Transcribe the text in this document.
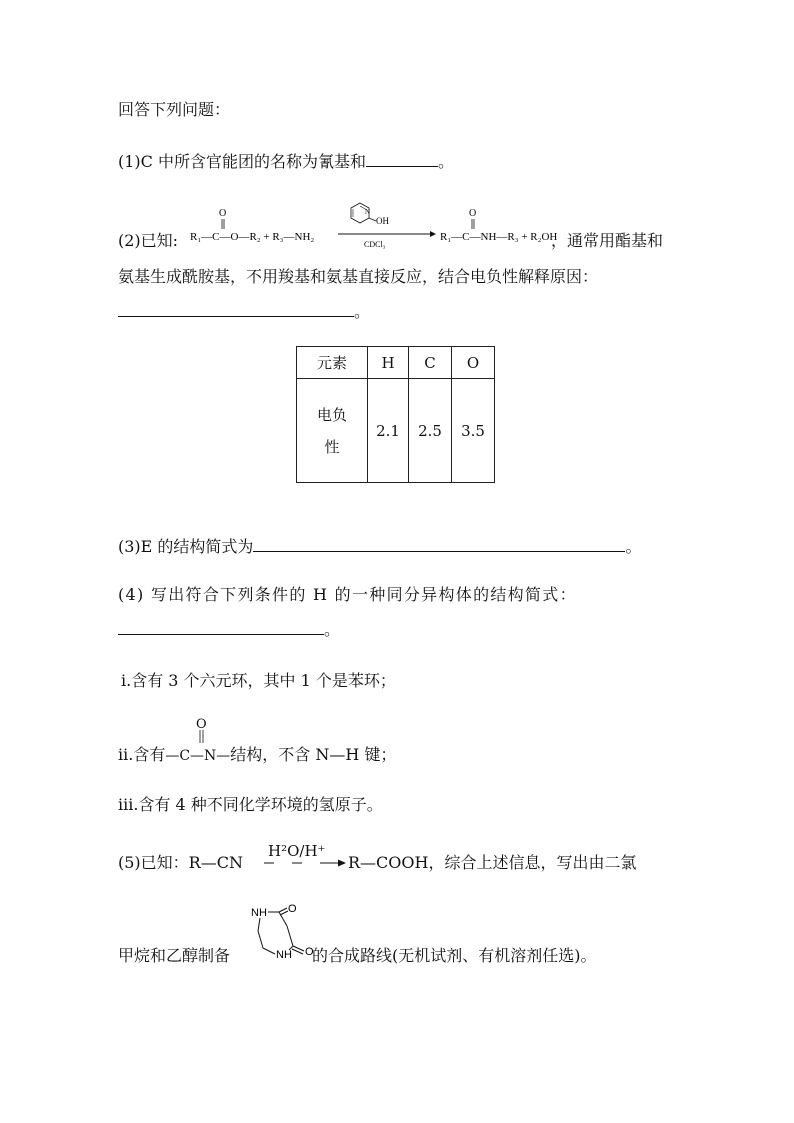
回答下列问题：
(1)C 中所含官能团的名称为氰基和	。
(2)已知: R₁—C—O—R₂ + R₃—NH₂
O	N
OH
CDCl₃
R₁—C—NH—R₃ + R₂OH
O
，通常用酯基和
氨基生成酰胺基，不用羧基和氨基直接反应，结合电负性解释原因：
。
元素	H	C	O
电负
性	2.1	2.5	3.5
(3)E 的结构简式为	。
(4) 写出符合下列条件的 H 的一种同分异构体的结构简式：
。
ⅰ.含有 3 个六元环，其中 1 个是苯环；
ⅱ.含有—C—N—结构，不含 N—H 键；
O
ⅲ.含有 4 种不同化学环境的氢原子。
(5)已知：R—CN
H²O/H⁺
R—COOH，综合上述信息，写出由二氯
甲烷和乙醇制备
NH O
NH O
的合成路线(无机试剂、有机溶剂任选)。
